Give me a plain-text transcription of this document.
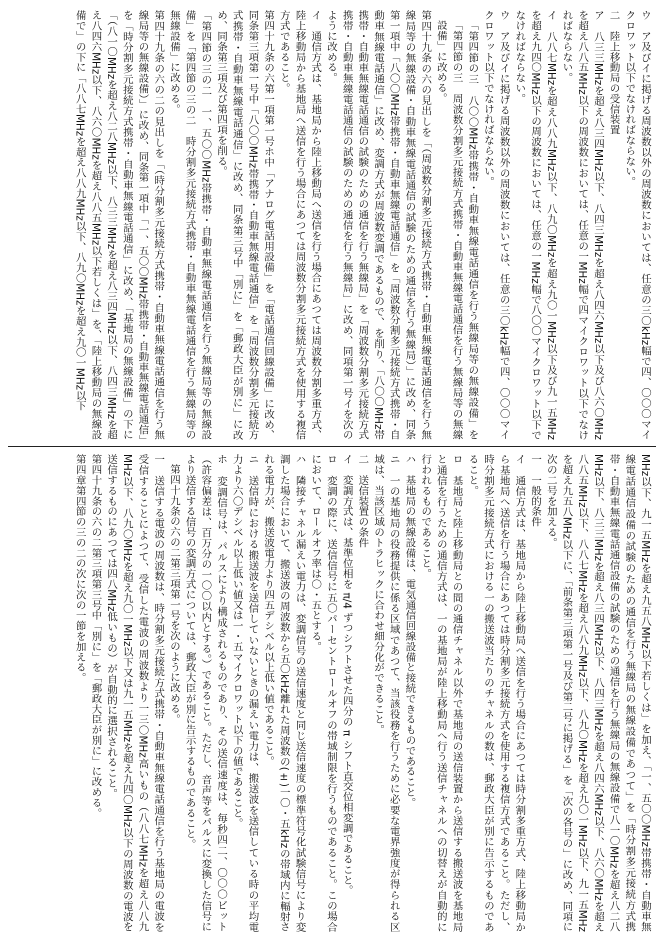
ウ　ア及びイに掲げる周波数以外の周波数においては、任意の三〇kHz幅で四、〇〇〇マイクロワット以下でなければならない。

二　陸上移動局の受信装置

ア　八三三MHzを超え八三四MHz以下、八四三MHzを超え八四六MHz以下及び八六〇MHzを超え八八五MHz以下の周波数においては、任意の一MHz幅で四マイクロワット以下でなければならない。

イ　八八七MHzを超え八八九MHz以下、八九〇MHzを超え九〇一MHz以下及び九一五MHzを超え九四〇MHz以下の周波数においては、任意の一MHz幅で八〇〇マイクロワット以下でなければならない。

ウ　ア及びイに掲げる周波数以外の周波数においては、任意の三〇kHz幅で四、〇〇〇マイクロワット以下でなければならない。

「第四節の三　八〇〇MHz帯携帯・自動車無線電話通信を行う無線局等の無線設備」を「第四節の三　周波数分割多元接続方式携帯・自動車無線電話通信を行う無線局等の無線設備」に改める。

第四十九条の六の見出しを「（周波数分割多元接続方式携帯・自動車無線電話通信を行う無線局等の無線設備・自動車無線電話通信の試験のための通信を行う無線局）」に改め、同条第一項中「八〇〇MHz帯携帯・自動車無線電話通信」を「周波数分割多元接続方式携帯・自動車無線電話通信」に改め、変調方式が周波数変調であるもので、を削り、「八〇〇MHz帯携帯・自動車無線電話通信の試験のための通信を行う無線局」を「周波数分割多元接続方式携帯・自動車無線電話通信の試験のための通信を行う無線局」に改め、同項第一号イを次のように改める。

イ　通信方式は、基地局から陸上移動局へ送信を行う場合にあつては周波数分割多重方式、陸上移動局から基地局へ送信を行う場合にあつては周波数分割多元接続方式を使用する複信方式であること。

第四十九条の六第一項第一号ホ中「アナログ電話用設備」を「電話通信回線設備」に改め、同条第三項第一号中「八〇〇MHz帯携帯・自動車無線電話通信」を「周波数分割多元接続方式携帯・自動車無線電話通信」に改め、同条第三号中「別に」を「郵政大臣が別に」に改め、同条第三項及び第四項を削る。

「第四節の三の二　一、五〇〇MHz帯携帯・自動車無線電話通信を行う無線局等の無線設備」を「第四節の三の二　時分割多元接続方式携帯・自動車無線電話通信を行う無線局等の無線設備」に改める。

第四十九条の六の二の見出しを「（時分割多元接続方式携帯・自動車無線電話通信を行う無線局等の無線設備）」に改め、同条第一項中「一、五〇〇MHz帯携帯・自動車無線電話通信」を「時分割多元接続方式携帯・自動車無線電話通信」に改め、「基地局の無線設備」の下に「（八一〇MHzを超え八二八MHz以下、八三三MHzを超え八三四MHz以下、八四三MHzを超え八四六MHz以下、八六〇MHzを超え八八五MHz以下若しくは」を、「陸上移動局の無線設備で」の下に「八八七MHzを超え八八九MHz以下、八九〇MHzを超え九〇一MHz以下

MHz以下、九一五MHzを超え九五八MHz以下若しくは」を加え、「一、五〇〇MHz帯携帯・自動車無線電話通信設備の試験のための通信を行う無線局の無線設備であつて」を「時分割多元接続方式携帯・自動車無線電話通信設備の試験のための通信を行う無線局の無線設備で八一〇MHzを超え八二八MHz以下、八三三MHzを超え八三四MHz以下、八四三MHzを超え八四六MHz以下、八六〇MHzを超え八八五MHz以下、八八七MHzを超え八八九MHz以下、八九〇MHzを超え九〇一MHz以下、九一五MHzを超え九五八MHz以下に、「前条第三項第一号及び第二号に掲げる」を「次の各号の」に改め、同項に次の二号を加える。

一　一般的条件

イ　通信方式は、基地局から陸上移動局へ送信を行う場合にあつては時分割多重方式、陸上移動局から基地局へ送信を行う場合にあつては時分割多元接続方式を使用する複信方式であること。ただし、時分割多元接続方式における一の搬送波当たりのチャネルの数は、郵政大臣が別に告示するものであること。

ロ　基地局と陸上移動局との間の通信チャネル以外で基地局の送信装置から送信する搬送波を基地局と通信を行うための通信方式は、一の基地局が陸上移動局へ行う送信チャネルへの切替えが自動的に行われるものであること。

ハ　基地局の無線設備は、電気通信回線設備と接続できるものであること。

ニ　一の基地局の役務提供に係る区域であつて、当該役務を行うために必要な電界強度が得られる区域は、当該区域のトラヒックに合わせ細分化ができること。

二　送信装置の条件

イ　変調方式は、基準位相を π/4 ずつシフトさせた四分の π シフト直交位相変調であること。

ロ　変調の際に、送信信号に五〇パーセントロールオフの帯域制限を行うものであること。この場合において、ロールオフ率は〇・五とする。

ハ　隣接チャネル漏えい電力は、変調信号の送信速度と同じ送信速度の標準符号化試験信号により変調した場合において、搬送波の周波数から五〇kHz離れた周波数の(±)一〇・五kHzの帯域内に輻射される電力が、搬送波電力より四五デシベル以上低い値であること。

ニ　送信時における搬送波を送信していないときの漏えい電力は、搬送波を送信している時の平均電力より六〇デシベル以上低い値又は一・五マイクロワット以下の値であること。

ホ　変調信号は、パルスにより構成されるものであり、その送信速度は、毎秒四二、〇〇〇ビット（許容偏差は、百万分の一〇〇以内とする。）であること。ただし、音声等をパルスに変換した信号により送信する信号の変調方式については、郵政大臣が別に告示するものであること。

第四十九条の六の二第三項第一号を次のように改める。

一　送信する電波の周波数は、時分割多元接続方式携帯・自動車無線電話通信を行う基地局の電波を受信することによつて、受信した電波の周波数より一三〇MHz高いもの（八八七MHzを超え八八九MHz以下、八九〇MHzを超え九〇一MHz以下又は九一五MHzを超え九四〇MHz以下の周波数の電波を送信するものにあつては四八MHz低いもの）が自動的に選択されること。

第四十九条の六の二第三項第三号中「別に」を「郵政大臣が別に」に改める。

第四章第四節の三の二の次に次の一節を加える。
